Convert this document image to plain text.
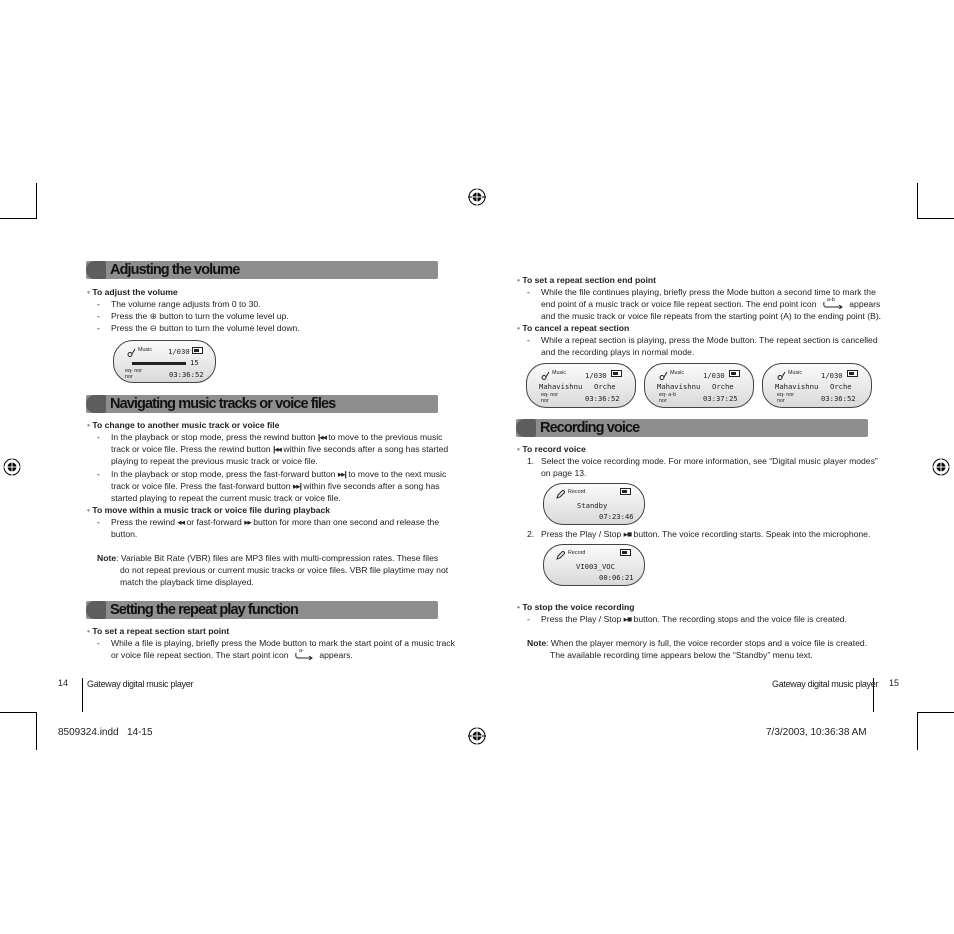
Adjusting the volume
• To adjust the volume
- The volume range adjusts from 0 to 30.
- Press the ⊕ button to turn the volume level up.
- Press the ⊖ button to turn the volume level down.
Music 1/030
15
eq- nor
nor	03:36:52
Navigating music tracks or voice files
• To change to another music track or voice file
- In the playback or stop mode, press the rewind button |◂◂ to move to the previous music
track or voice file. Press the rewind button |◂◂ within five seconds after a song has started
playing to repeat the previous music track or voice file.
- In the playback or stop mode, press the fast-forward button ▸▸| to move to the next music
track or voice file. Press the fast-forward button ▸▸| within five seconds after a song has
started playing to repeat the current music track or voice file.
• To move within a music track or voice file during playback
- Press the rewind ◂◂ or fast-forward ▸▸ button for more than one second and release the
button.
Note: Variable Bit Rate (VBR) files are MP3 files with multi-compression rates. These files
do not repeat previous or current music tracks or voice files. VBR file playtime may not
match the playback time displayed.
Setting the repeat play function
• To set a repeat section start point
- While a file is playing, briefly press the Mode button to mark the start point of a music track
or voice file repeat section. The start point icon a- appears.
14 Gateway digital music player
• To set a repeat section end point
- While the file continues playing, briefly press the Mode button a second time to mark the
end point of a music track or voice file repeat section. The end point icon a-b appears
and the music track or voice file repeats from the starting point (A) to the ending point (B).
• To cancel a repeat section
- While a repeat section is playing, press the Mode button. The repeat section is cancelled
and the recording plays in normal mode.
Music	1/030
Mahavishnu Orche
eq- nor
nor	03:36:52
Music	1/030
Mahavishnu Orche
eq- a-b
nor	03:37:25
Music	1/030
Mahavishnu Orche
eq- nor
nor	03:36:52
Recording voice
• To record voice
1. Select the voice recording mode. For more information, see “Digital music player modes”
on page 13.
Record
Standby
07:23:46
2. Press the Play / Stop ▸■ button. The voice recording starts. Speak into the microphone.
Record
VI003_VOC
00:06:21
• To stop the voice recording
- Press the Play / Stop ▸■ button. The recording stops and the voice file is created.
Note: When the player memory is full, the voice recorder stops and a voice file is created.
The available recording time appears below the “Standby” menu text.
Gateway digital music player 15
8509324.indd   14-15	7/3/2003, 10:36:38 AM
